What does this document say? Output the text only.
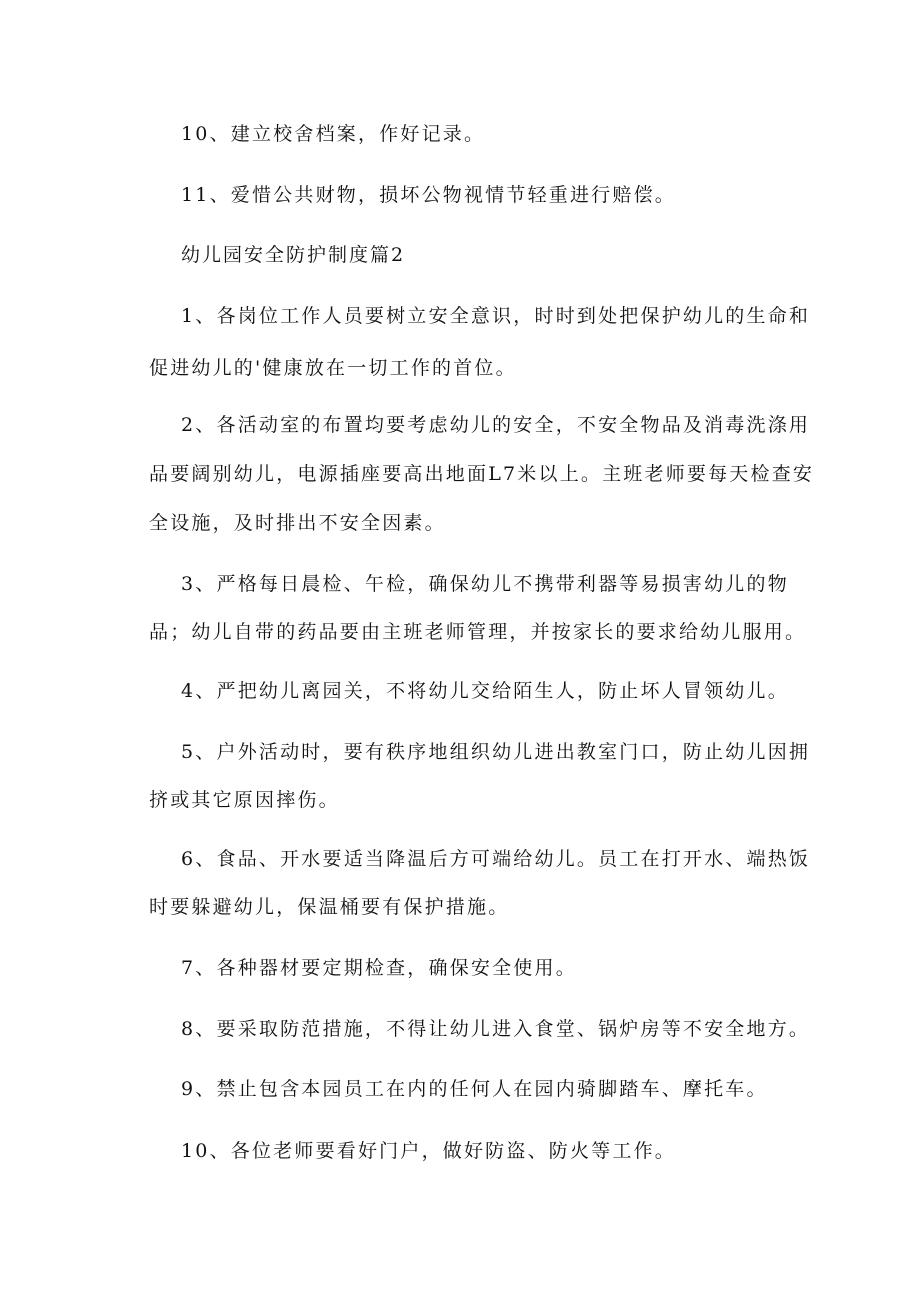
10、建立校舍档案，作好记录。

11、爱惜公共财物，损坏公物视情节轻重进行赔偿。

幼儿园安全防护制度篇2

1、各岗位工作人员要树立安全意识，时时到处把保护幼儿的生命和
促进幼儿的'健康放在一切工作的首位。

2、各活动室的布置均要考虑幼儿的安全，不安全物品及消毒洗涤用
品要阔别幼儿，电源插座要高出地面L7米以上。主班老师要每天检查安
全设施，及时排出不安全因素。

3、严格每日晨检、午检，确保幼儿不携带利器等易损害幼儿的物
品；幼儿自带的药品要由主班老师管理，并按家长的要求给幼儿服用。

4、严把幼儿离园关，不将幼儿交给陌生人，防止坏人冒领幼儿。

5、户外活动时，要有秩序地组织幼儿进出教室门口，防止幼儿因拥
挤或其它原因摔伤。

6、食品、开水要适当降温后方可端给幼儿。员工在打开水、端热饭
时要躲避幼儿，保温桶要有保护措施。

7、各种器材要定期检查，确保安全使用。

8、要采取防范措施，不得让幼儿进入食堂、锅炉房等不安全地方。

9、禁止包含本园员工在内的任何人在园内骑脚踏车、摩托车。

10、各位老师要看好门户，做好防盗、防火等工作。
